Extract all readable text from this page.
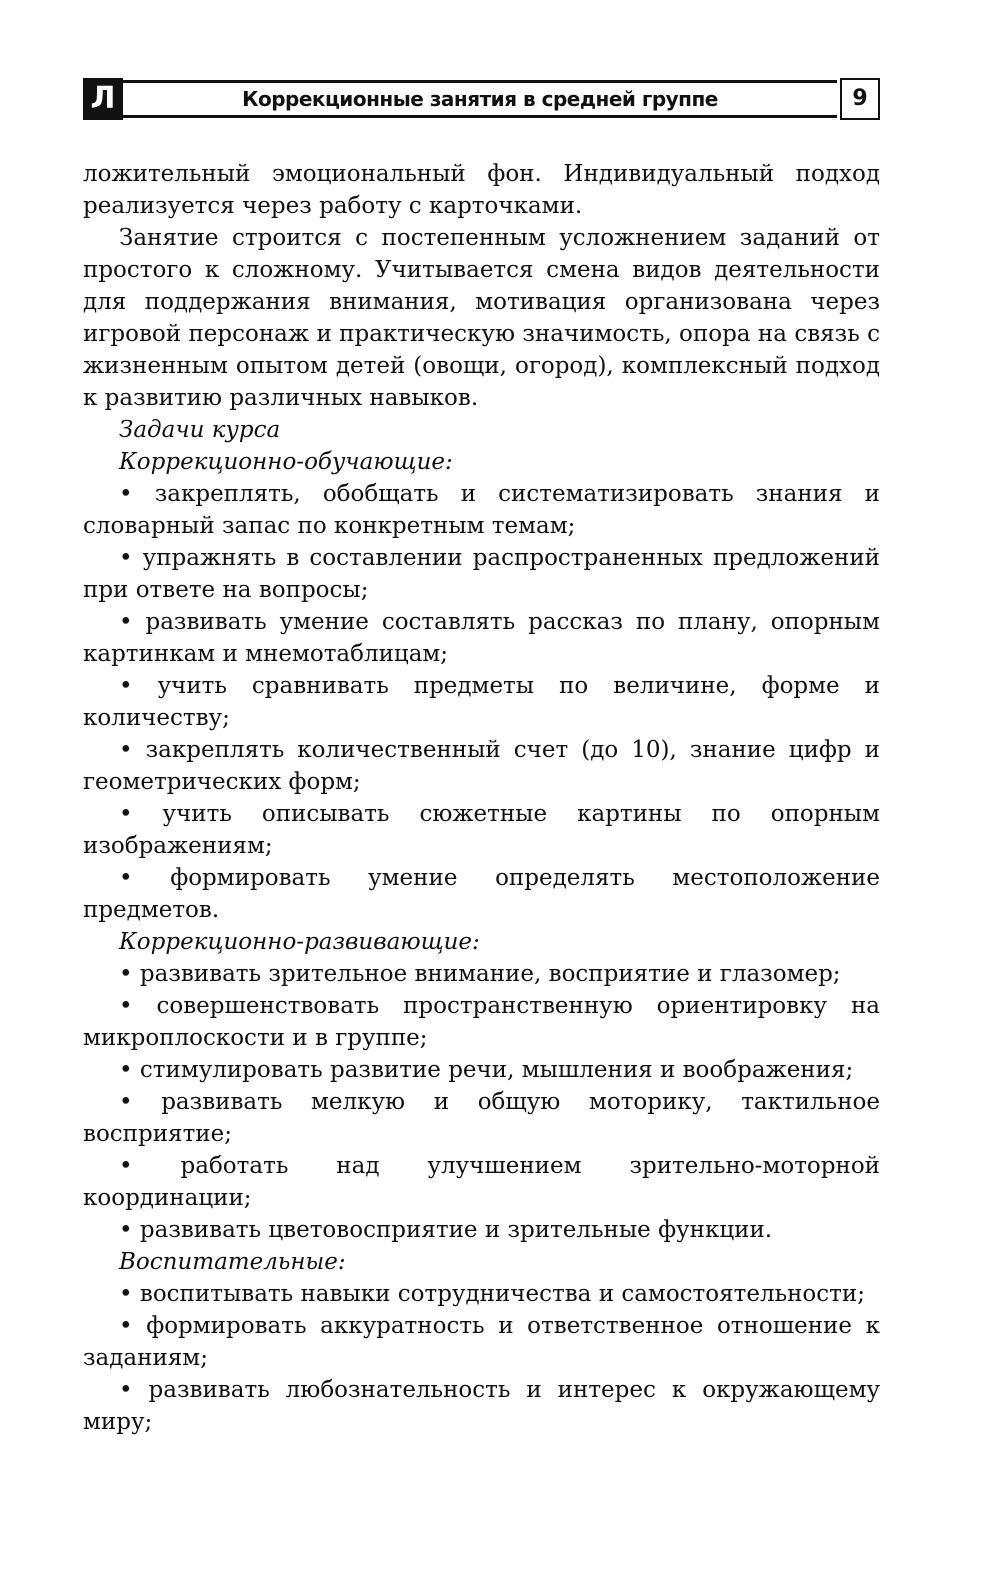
Л	Коррекционные занятия в средней группе	9

ложительный эмоциональный фон. Индивидуальный подход реализуется через работу с карточками.

Занятие строится с постепенным усложнением заданий от простого к сложному. Учитывается смена видов деятельности для поддержания внимания, мотивация организована через игровой персонаж и практическую значимость, опора на связь с жизненным опытом детей (овощи, огород), комплексный подход к развитию различных навыков.

Задачи курса

Коррекционно-обучающие:

• закреплять, обобщать и систематизировать знания и словарный запас по конкретным темам;

• упражнять в составлении распространенных предложений при ответе на вопросы;

• развивать умение составлять рассказ по плану, опорным картинкам и мнемотаблицам;

• учить сравнивать предметы по величине, форме и количеству;

• закреплять количественный счет (до 10), знание цифр и геометрических форм;

• учить описывать сюжетные картины по опорным изображениям;

• формировать умение определять местоположение предметов.

Коррекционно-развивающие:

• развивать зрительное внимание, восприятие и глазомер;

• совершенствовать пространственную ориентировку на микроплоскости и в группе;

• стимулировать развитие речи, мышления и воображения;

• развивать мелкую и общую моторику, тактильное восприятие;

• работать над улучшением зрительно-моторной координации;

• развивать цветовосприятие и зрительные функции.

Воспитательные:

• воспитывать навыки сотрудничества и самостоятельности;

• формировать аккуратность и ответственное отношение к заданиям;

• развивать любознательность и интерес к окружающему миру;
